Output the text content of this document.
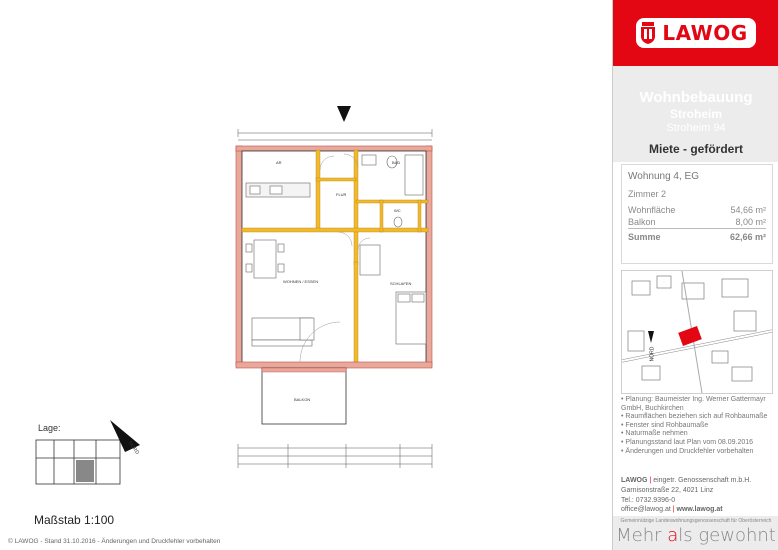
AR	BAD
FLUR
WC
WOHNEN / ESSEN	SCHLAFEN
BALKON
Lage:
NORD
Maßstab 1:100
© LAWOG - Stand 31.10.2016 - Änderungen und Druckfehler vorbehalten
LAWOG
Wohnbebauung
Stroheim
Stroheim 94
Miete - gefördert
Wohnung 4, EG
Zimmer 2
Wohnfläche	54,66 m²
Balkon	8,00 m²
Summe	62,66 m²
NORD
• Planung: Baumeister Ing. Werner Gattermayr GmbH, Buchkirchen
• Raumflächen beziehen sich auf Rohbaumaße
• Fenster sind Rohbaumaße
• Naturmaße nehmen
• Planungsstand laut Plan vom 08.09.2016
• Änderungen und Druckfehler vorbehalten
LAWOG | eingetr. Genossenschaft m.b.H.
Garnisonstraße 22, 4021 Linz
Tel.: 0732.9396-0
office@lawog.at | www.lawog.at
Gemeinnützige Landeswohnungsgenossenschaft für Oberösterreich
Mehr als gewohnt
